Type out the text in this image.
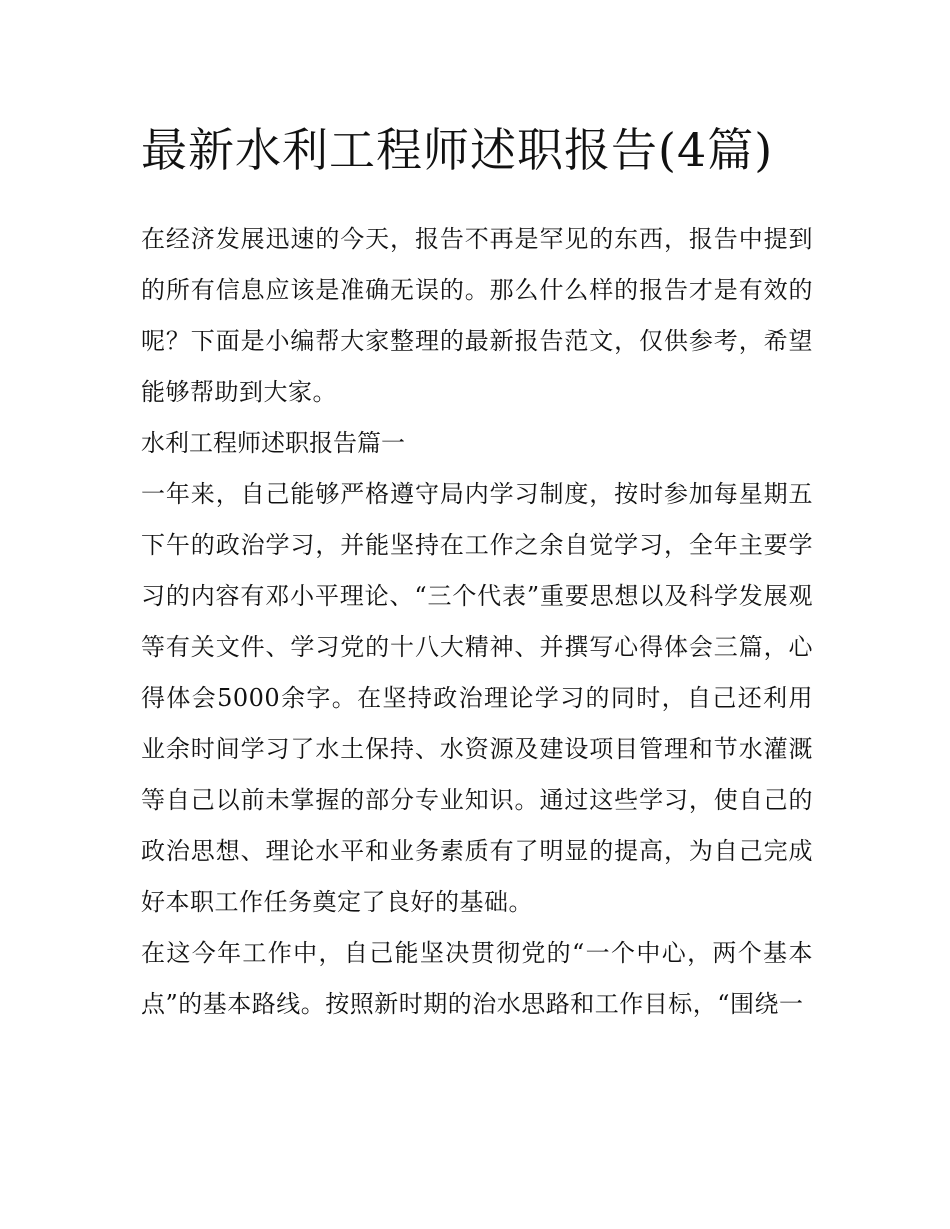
最新水利工程师述职报告(4篇)

在经济发展迅速的今天，报告不再是罕见的东西，报告中提到的所有信息应该是准确无误的。那么什么样的报告才是有效的呢？下面是小编帮大家整理的最新报告范文，仅供参考，希望能够帮助到大家。

水利工程师述职报告篇一

一年来，自己能够严格遵守局内学习制度，按时参加每星期五下午的政治学习，并能坚持在工作之余自觉学习，全年主要学习的内容有邓小平理论、“三个代表”重要思想以及科学发展观等有关文件、学习党的十八大精神、并撰写心得体会三篇，心得体会5000余字。在坚持政治理论学习的同时，自己还利用业余时间学习了水土保持、水资源及建设项目管理和节水灌溉等自己以前未掌握的部分专业知识。通过这些学习，使自己的政治思想、理论水平和业务素质有了明显的提高，为自己完成好本职工作任务奠定了良好的基础。

在这今年工作中，自己能坚决贯彻党的“一个中心，两个基本点”的基本路线。按照新时期的治水思路和工作目标，“围绕一
